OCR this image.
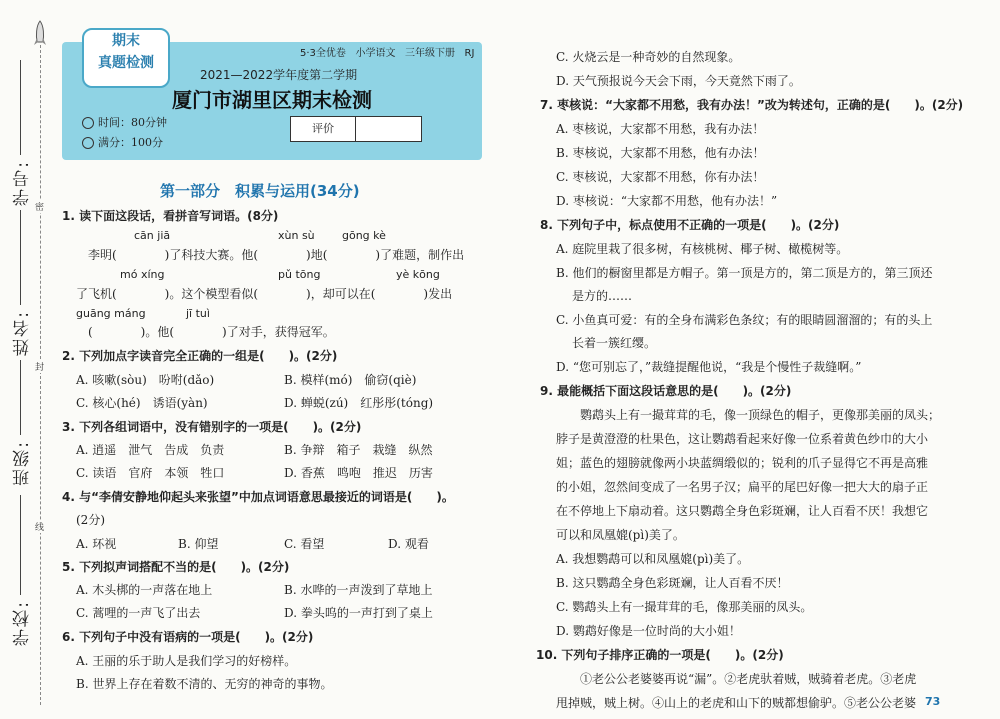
密
封
线
学号:
姓名:
班级:
学校:
期末
真题检测
5·3全优卷 小学语文 三年级下册 RJ
2021—2022学年度第二学期
厦门市湖里区期末检测
时间：80分钟
满分：100分
评价
第一部分　积累与运用(34分)
1. 读下面这段话，看拼音写词语。(8分)
cān jiā	xùn sù gōng kè
李明(　　　　)了科技大赛。他(　　　　)地(　　　　)了难题，制作出
mó xíng	pǔ tōng	yè kōng
了飞机(　　　　)。这个模型看似(　　　　)，却可以在(　　　　)发出
guāng máng	jī tuì
(　　　　)。他(　　　　)了对手，获得冠军。
2. 下列加点字读音完全正确的一组是(　　)。(2分)
A. 咳嗽(sòu)　吩咐(dǎo)	B. 模样(mó)　偷窃(qiè)
C. 核心(hé)　诱语(yàn)	D. 蝉蜕(zú)　红彤彤(tóng)
3. 下列各组词语中，没有错别字的一项是(　　)。(2分)
A. 逍遥　泄气　告成　负责	B. 争辩　箱子　栽缝　纵然
C. 读语　官府　本领　牲口	D. 香蕉　鸣咆　推迟　历害
4. 与“李倩安静地仰起头来张望”中加点词语意思最接近的词语是(　　)。
(2分)
A. 环视	B. 仰望	C. 看望	D. 观看
5. 下列拟声词搭配不当的是(　　)。(2分)
A. 木头梆的一声落在地上	B. 水哗的一声泼到了草地上
C. 蒿哩的一声飞了出去	D. 拳头呜的一声打到了桌上
6. 下列句子中没有语病的一项是(　　)。(2分)
A. 王丽的乐于助人是我们学习的好榜样。
B. 世界上存在着数不清的、无穷的神奇的事物。
C. 火烧云是一种奇妙的自然现象。
D. 天气预报说今天会下雨，今天竟然下雨了。
7. 枣核说：“大家都不用愁，我有办法！”改为转述句，正确的是(　　)。(2分)
A. 枣核说，大家都不用愁，我有办法！
B. 枣核说，大家都不用愁，他有办法！
C. 枣核说，大家都不用愁，你有办法！
D. 枣核说：“大家都不用愁，他有办法！”
8. 下列句子中，标点使用不正确的一项是(　　)。(2分)
A. 庭院里栽了很多树，有核桃树、椰子树、橄榄树等。
B. 他们的橱窗里都是方帽子。第一顶是方的，第二顶是方的，第三顶还
是方的……
C. 小鱼真可爱：有的全身布满彩色条纹；有的眼睛圆溜溜的；有的头上
长着一簇红缨。
D. “您可别忘了，”裁缝提醒他说，“我是个慢性子裁缝啊。”
9. 最能概括下面这段话意思的是(　　)。(2分)
鹦鹉头上有一撮茸茸的毛，像一顶绿色的帽子，更像那美丽的凤头；
脖子是黄澄澄的杜果色，这让鹦鹉看起来好像一位系着黄色纱巾的大小
姐；蓝色的翅膀就像两小块蓝绸缎似的；锐利的爪子显得它不再是高雅
的小姐，忽然间变成了一名男子汉；扁平的尾巴好像一把大大的扇子正
在不停地上下扇动着。这只鹦鹉全身色彩斑斓，让人百看不厌！我想它
可以和凤凰媲(pì)美了。
A. 我想鹦鹉可以和凤凰媲(pì)美了。
B. 这只鹦鹉全身色彩斑斓，让人百看不厌！
C. 鹦鹉头上有一撮茸茸的毛，像那美丽的凤头。
D. 鹦鹉好像是一位时尚的大小姐！
10. 下列句子排序正确的一项是(　　)。(2分)
①老公公老婆婆再说“漏”。②老虎驮着贼，贼骑着老虎。③老虎
甩掉贼，贼上树。④山上的老虎和山下的贼都想偷驴。⑤老公公老婆 73
